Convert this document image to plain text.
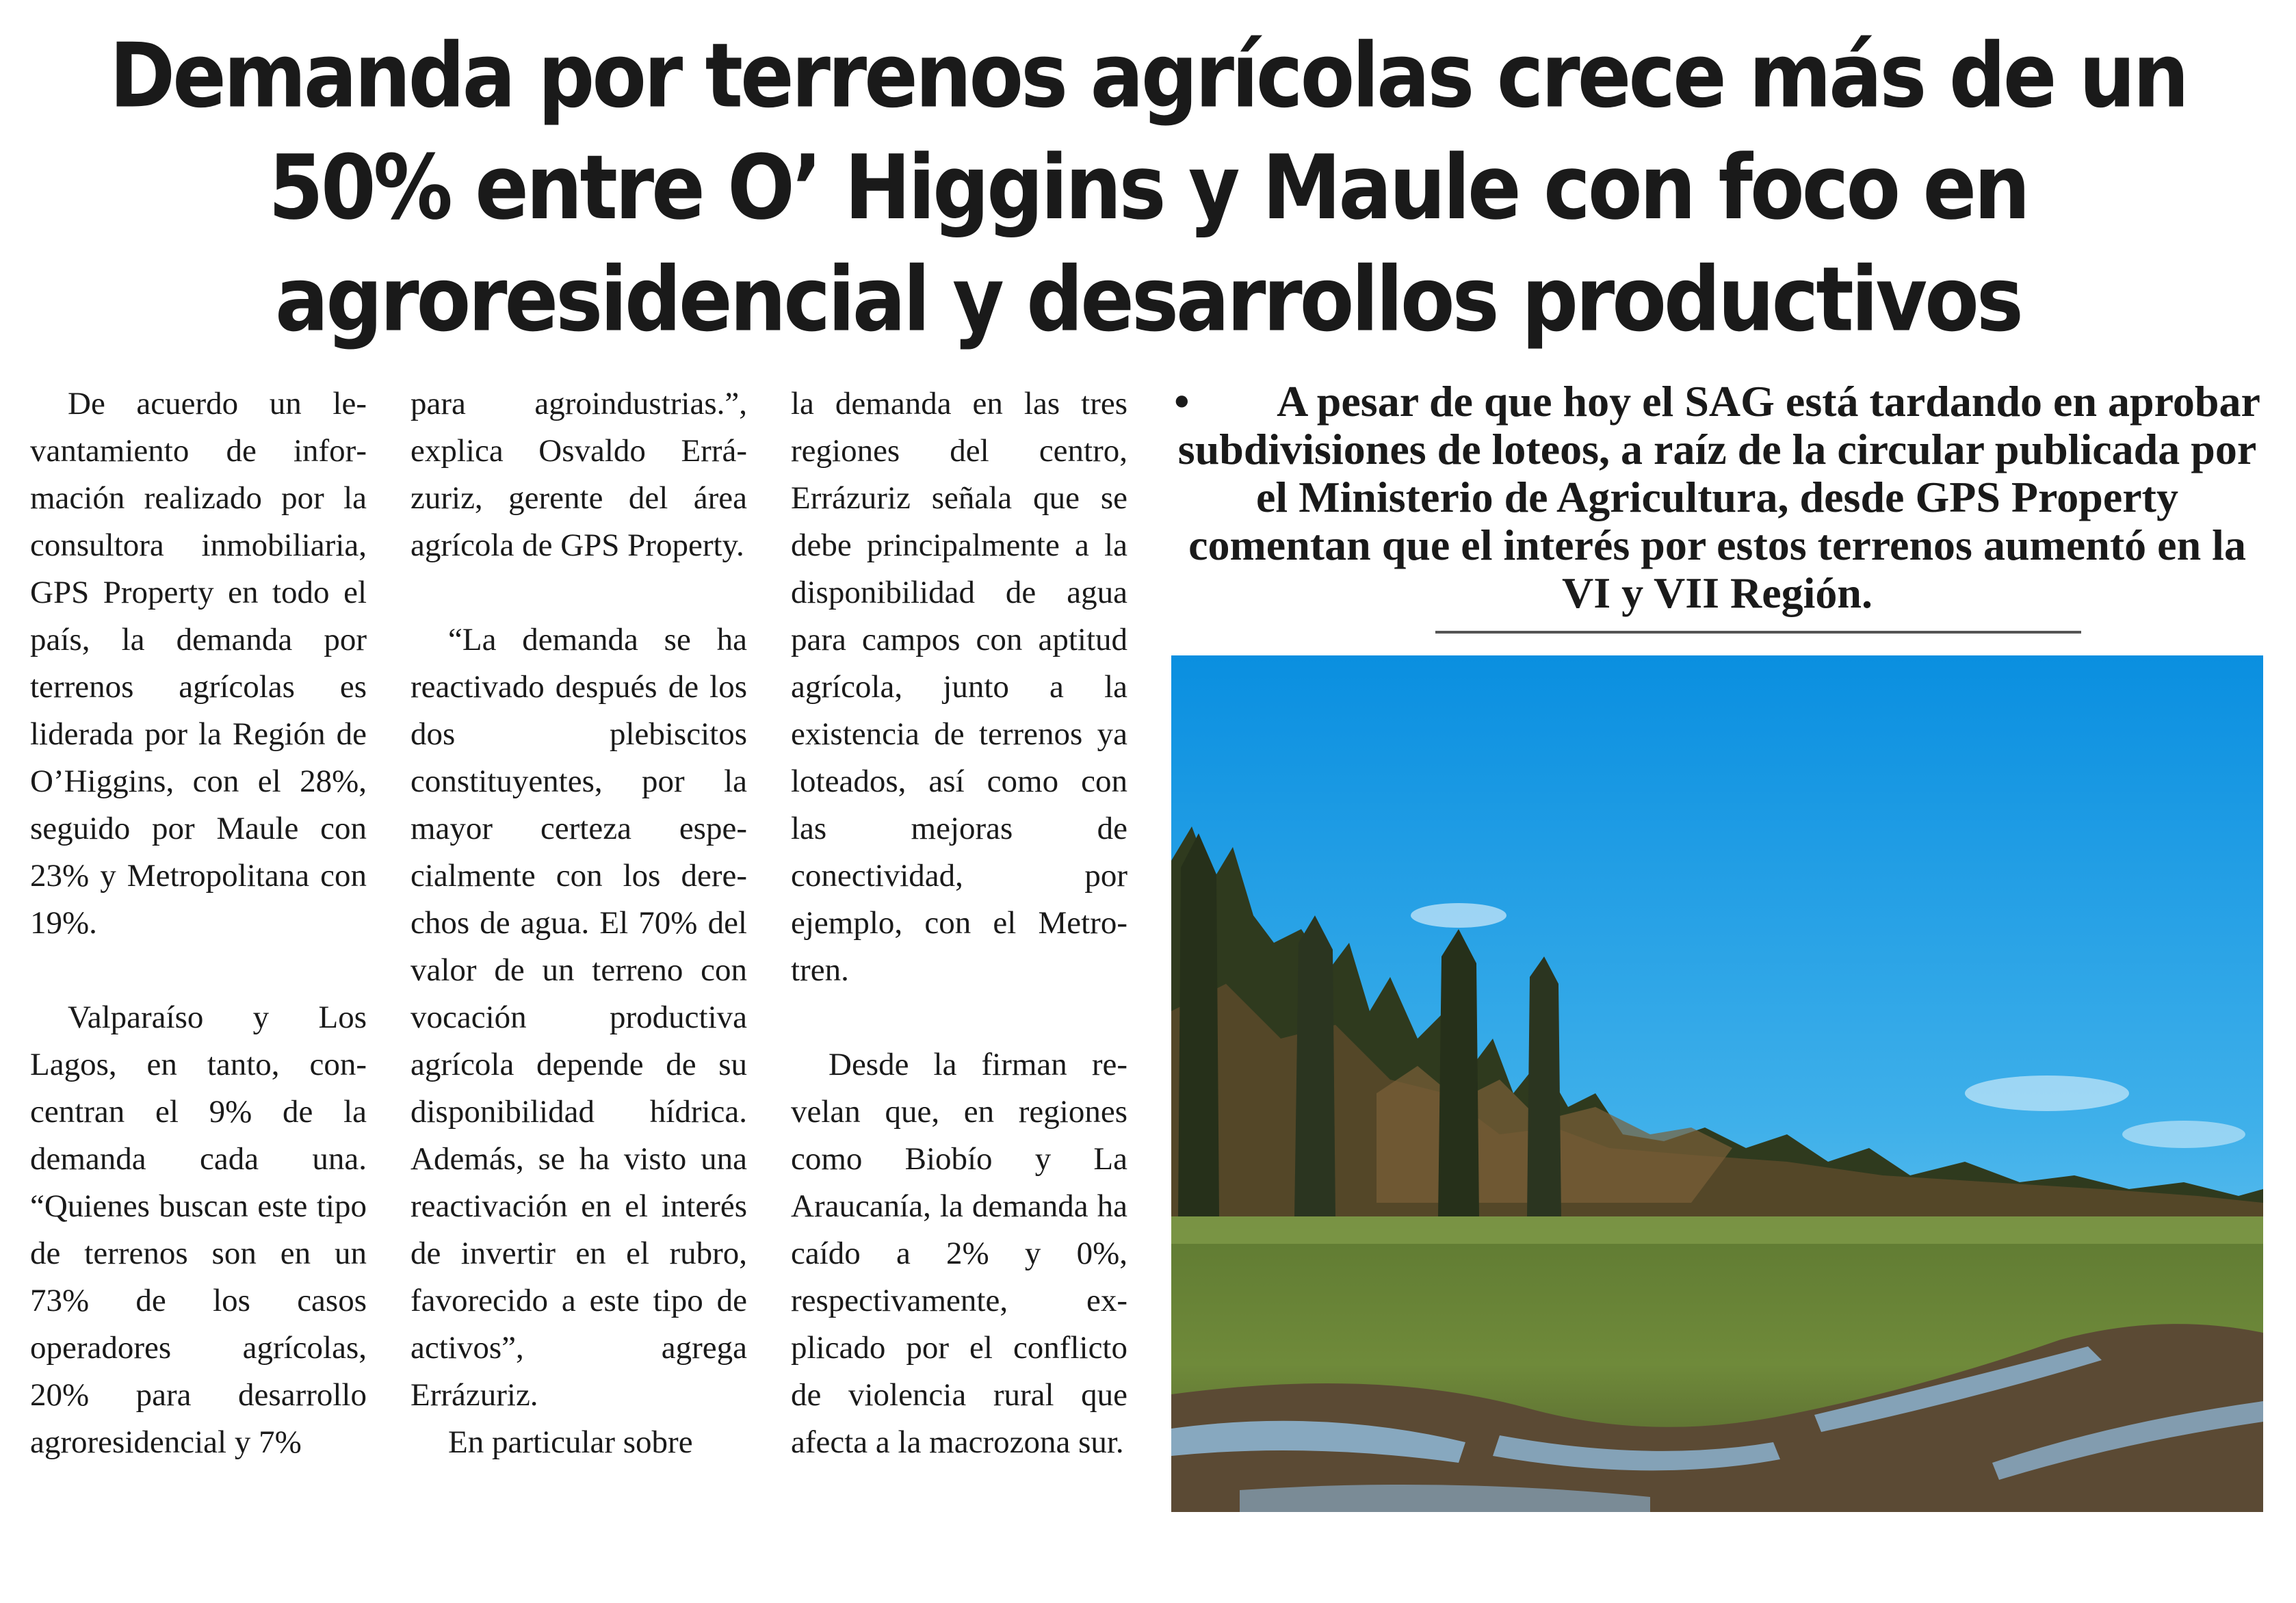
Demanda por terrenos agrícolas crece más de un 50% entre O’ Higgins y Maule con foco en agroresidencial y desarrollos productivos

De acuerdo un levantamiento de información realizado por la consultora inmobiliaria, GPS Property en todo el país, la demanda por terrenos agrícolas es liderada por la Región de O’Higgins, con el 28%, seguido por Maule con 23% y Metropolitana con 19%.

Valparaíso y Los Lagos, en tanto, concentran el 9% de la demanda cada una. “Quienes buscan este tipo de terrenos son en un 73% de los casos operadores agrícolas, 20% para desarrollo agroresidencial y 7%

para agroindustrias.”, explica Osvaldo Errázuriz, gerente del área agrícola de GPS Property.

“La demanda se ha reactivado después de los dos plebiscitos constituyentes, por la mayor certeza especialmente con los derechos de agua. El 70% del valor de un terreno con vocación productiva agrícola depende de su disponibilidad hídrica. Además, se ha visto una reactivación en el interés de invertir en el rubro, favorecido a este tipo de activos”, agrega Errázuriz.

En particular sobre

la demanda en las tres regiones del centro, Errázuriz señala que se debe principalmente a la disponibilidad de agua para campos con aptitud agrícola, junto a la existencia de terrenos ya loteados, así como con las mejoras de conectividad, por ejemplo, con el Metrotren.

Desde la firman revelan que, en regiones como Biobío y La Araucanía, la demanda ha caído a 2% y 0%, respectivamente, explicado por el conflicto de violencia rural que afecta a la macrozona sur.

• A pesar de que hoy el SAG está tardando en aprobar subdivisiones de loteos, a raíz de la circular publicada por el Ministerio de Agricultura, desde GPS Property comentan que el interés por estos terrenos aumentó en la VI y VII Región.
